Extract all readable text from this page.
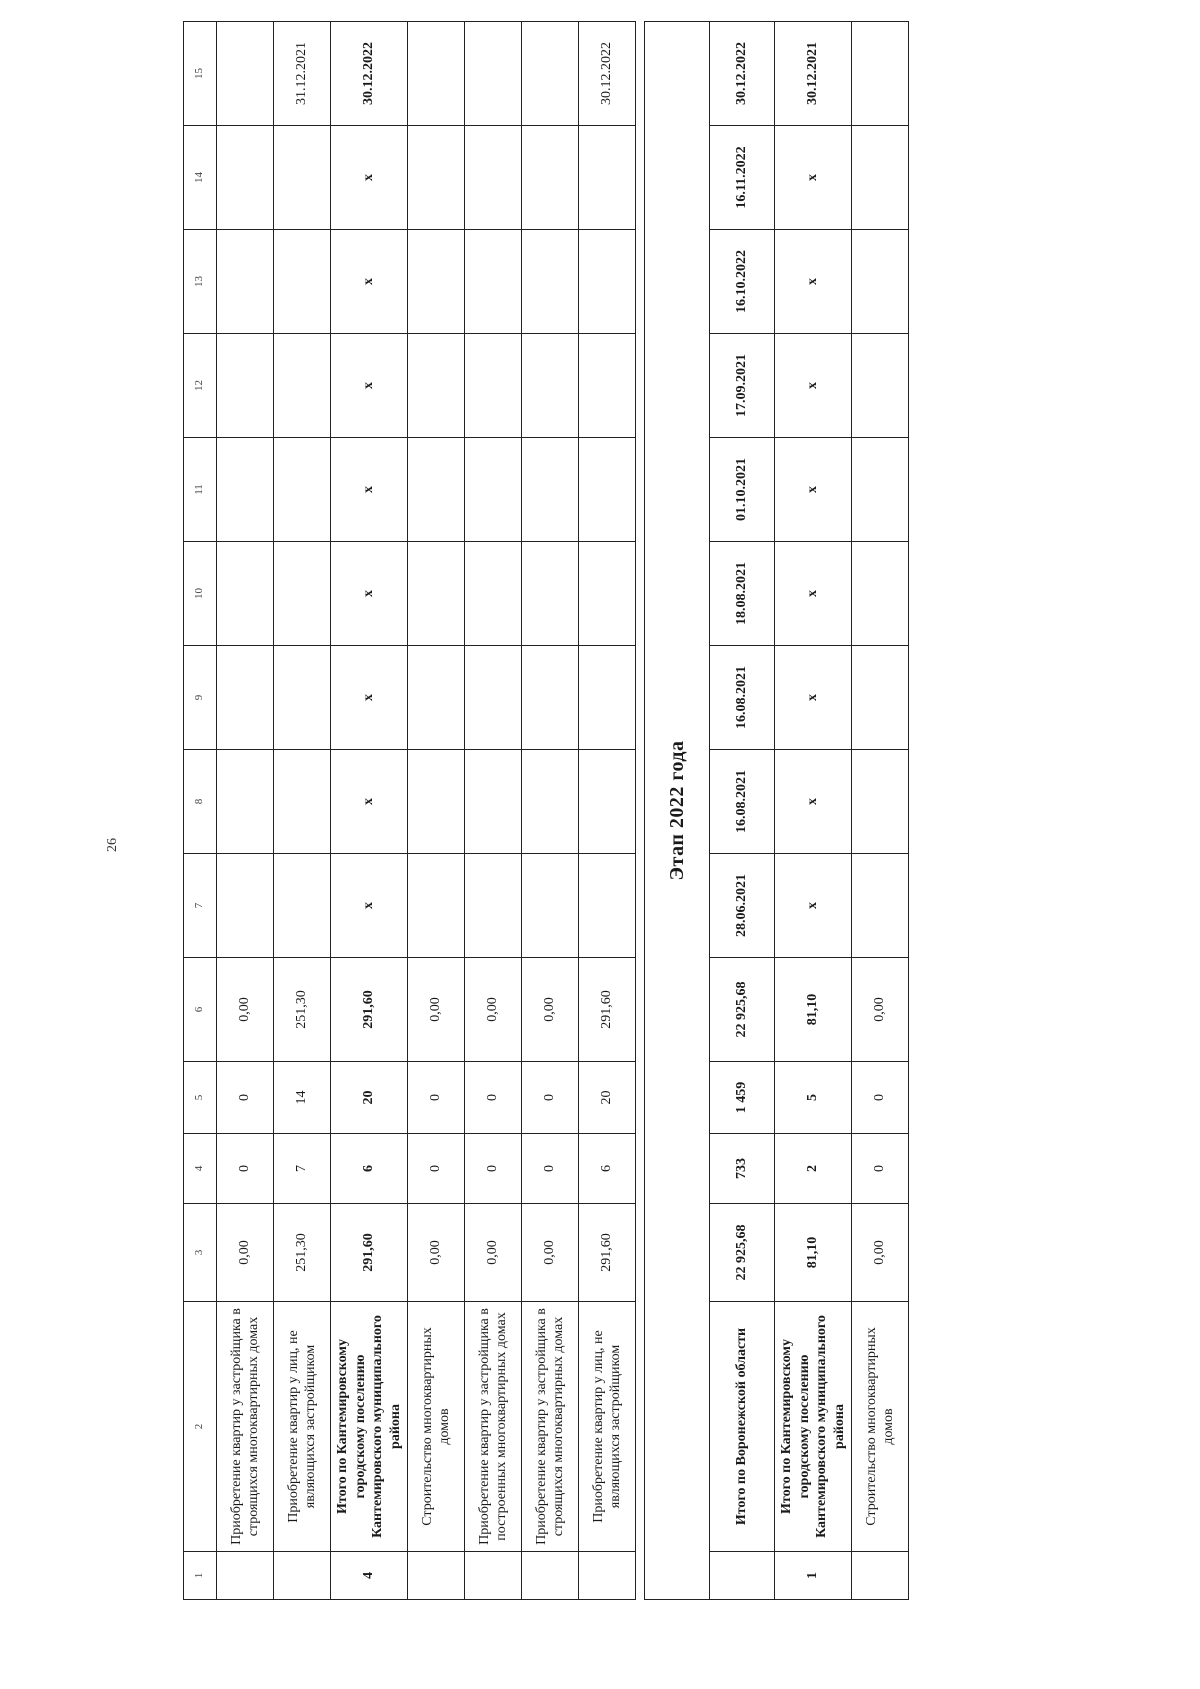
26
1	2	3	4	5	6	7	8	9	10	11	12	13	14	15
	Приобретение квартир у застройщика в строящихся многоквартирных домах	0,00	0	0	0,00									
	Приобретение квартир у лиц, не являющихся застройщиком	251,30	7	14	251,30									31.12.2021
4	Итого по Кантемировскому городскому поселению Кантемировского муниципального района	291,60	6	20	291,60	x	x	x	x	x	x	x	x	30.12.2022
	Строительство многоквартирных домов	0,00	0	0	0,00									
	Приобретение квартир у застройщика в построенных многоквартирных домах	0,00	0	0	0,00									
	Приобретение квартир у застройщика в строящихся многоквартирных домах	0,00	0	0	0,00									
	Приобретение квартир у лиц, не являющихся застройщиком	291,60	6	20	291,60									30.12.2022

Этап 2022 года														
	Итого по Воронежской области	22 925,68	733	1 459	22 925,68	28.06.2021	16.08.2021	16.08.2021	18.08.2021	01.10.2021	17.09.2021	16.10.2022	16.11.2022	30.12.2022
1	Итого по Кантемировскому городскому поселению Кантемировского муниципального района	81,10	2	5	81,10	x	x	x	x	x	x	x	x	30.12.2021
	Строительство многоквартирных домов	0,00	0	0	0,00									
